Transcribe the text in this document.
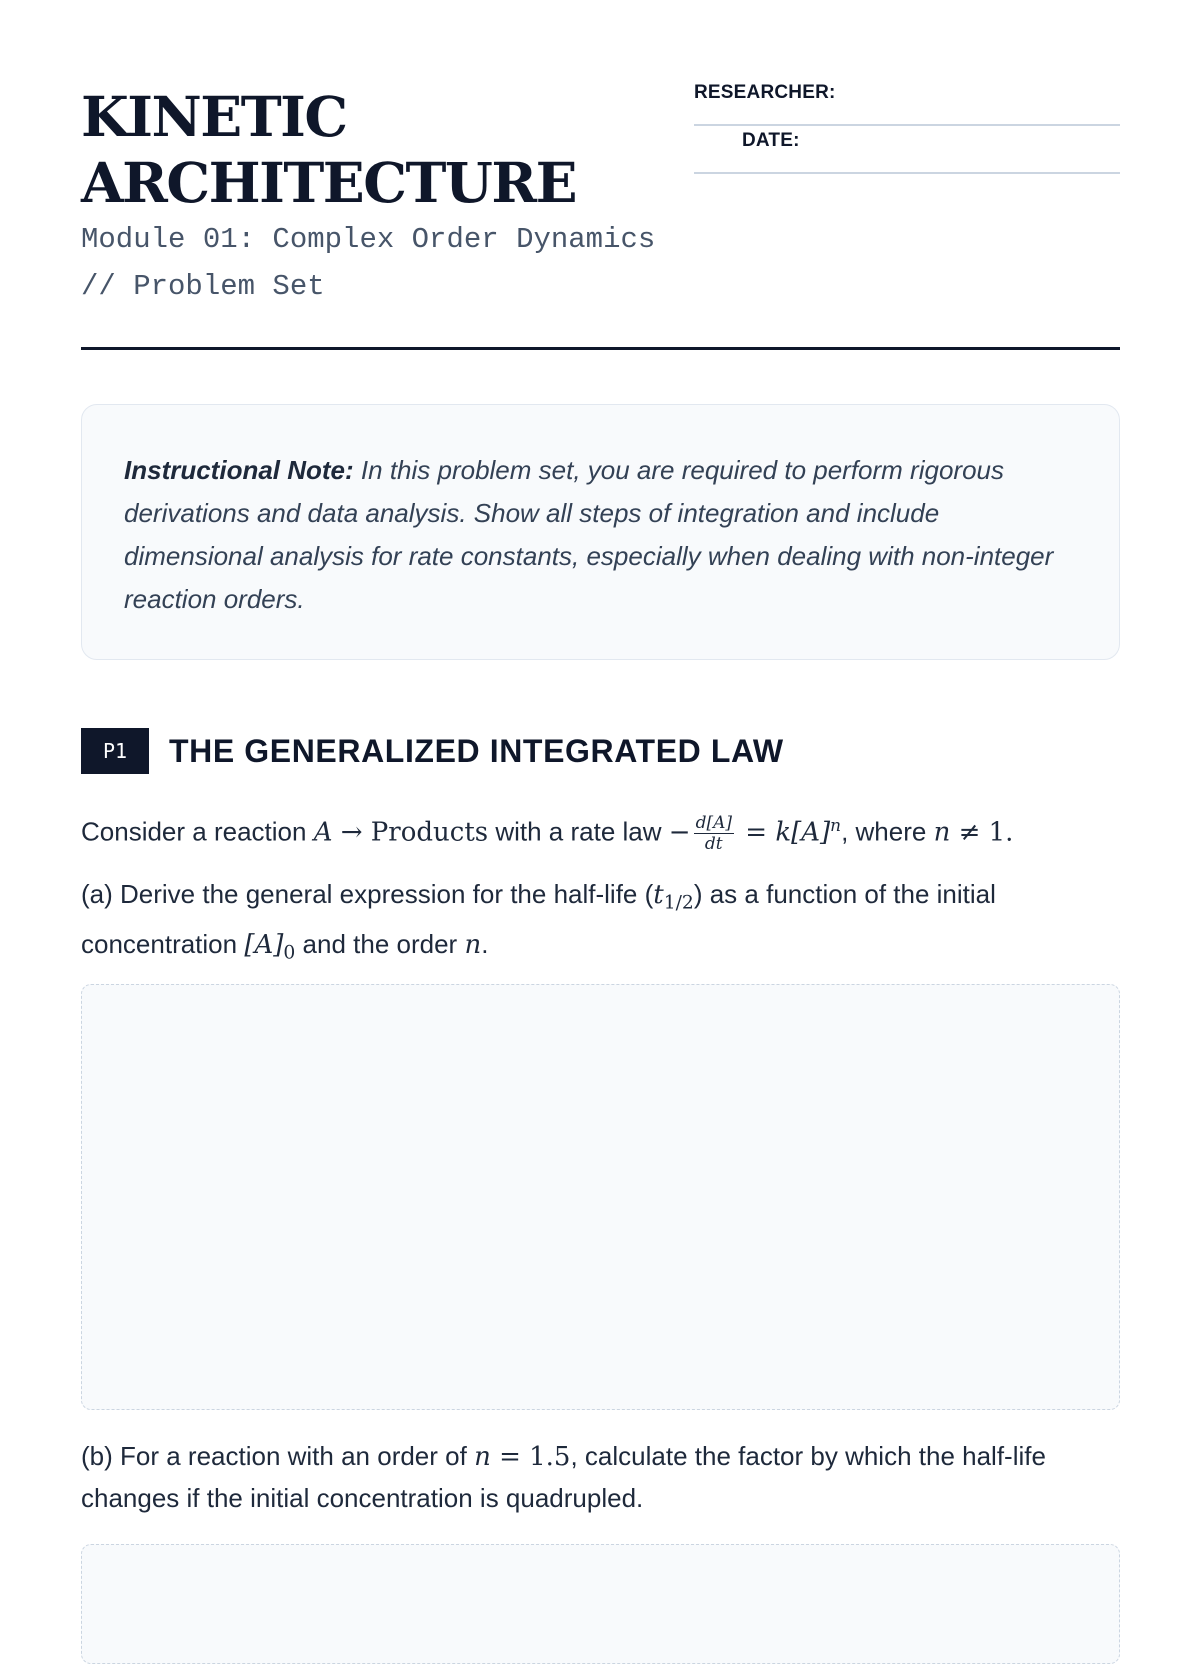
KINETIC
ARCHITECTURE
Module 01: Complex Order Dynamics // Problem Set
RESEARCHER:
DATE:
Instructional Note: In this problem set, you are required to perform rigorous derivations and data analysis. Show all steps of integration and include dimensional analysis for rate constants, especially when dealing with non-integer reaction orders.
P1	THE GENERALIZED INTEGRATED LAW
Consider a reaction A → Products with a rate law − $\frac{d[A]}{dt} = k[A]^n$, where n ≠ 1.
(a) Derive the general expression for the half-life $(t_{1/2})$ as a function of the initial concentration $[A]_0$ and the order n.
(b) For a reaction with an order of n = 1.5, calculate the factor by which the half-life changes if the initial concentration is quadrupled.
